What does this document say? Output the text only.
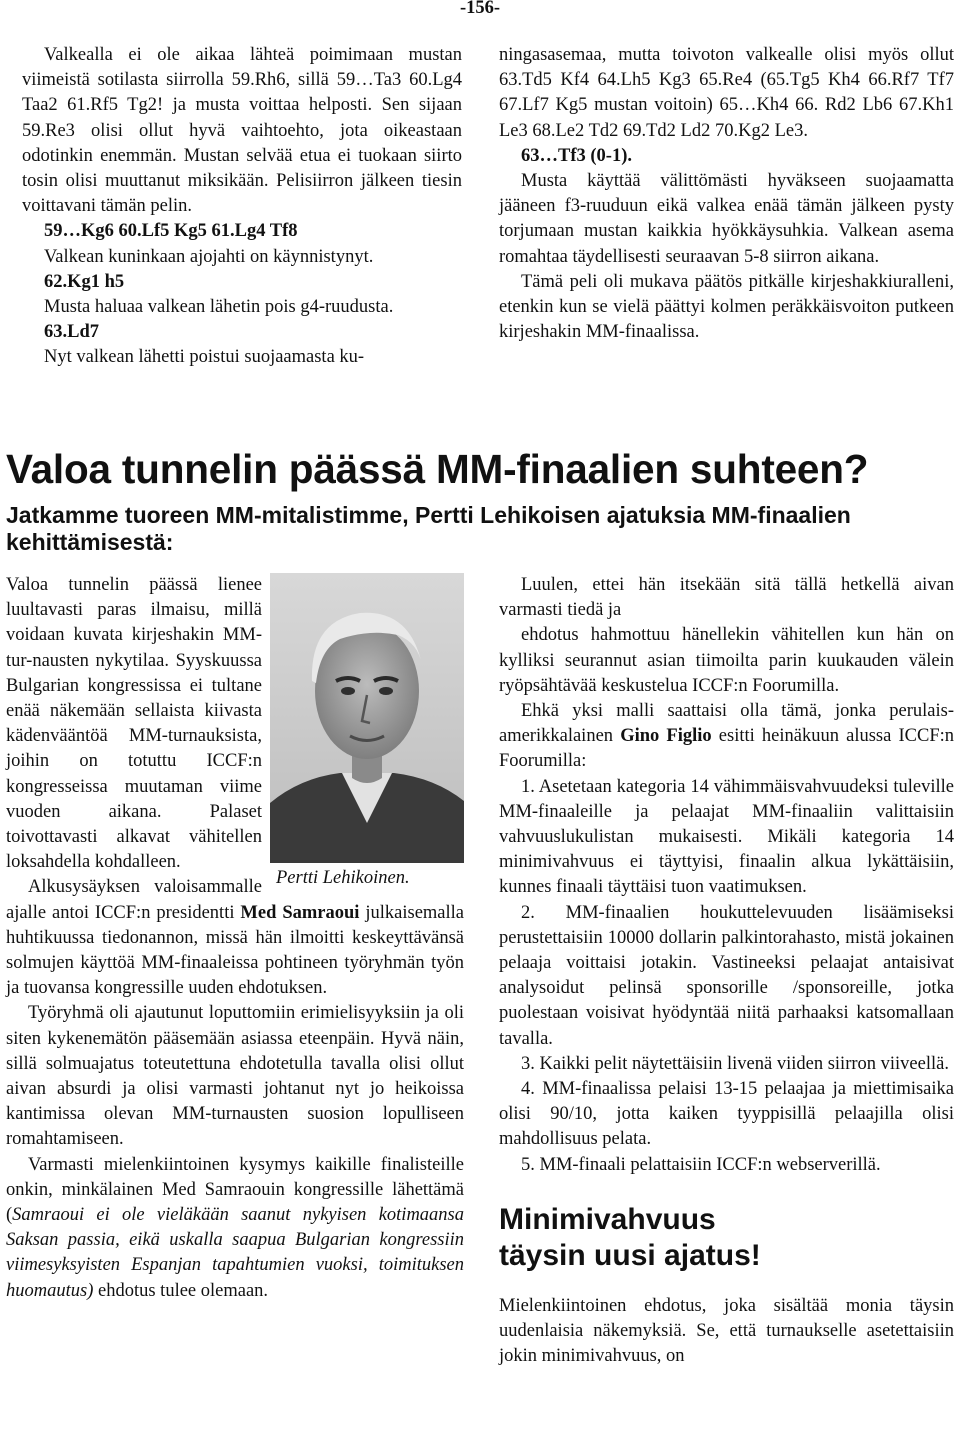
-156-

Valkealla ei ole aikaa lähteä poimimaan mustan viimeistä sotilasta siirrolla 59.Rh6, sillä 59…Ta3 60.Lg4 Taa2 61.Rf5 Tg2! ja musta voittaa helposti. Sen sijaan 59.Re3 olisi ollut hyvä vaihtoehto, jota oikeastaan odotinkin enemmän. Mustan selvää etua ei tuokaan siirto tosin olisi muuttanut miksikään. Pelisiirron jälkeen tiesin voittavani tämän pelin.

59…Kg6 60.Lf5 Kg5 61.Lg4 Tf8

Valkean kuninkaan ajojahti on käynnistynyt.

62.Kg1 h5

Musta haluaa valkean lähetin pois g4-ruudusta.

63.Ld7

Nyt valkean lähetti poistui suojaamasta ku-

ningasasemaa, mutta toivoton valkealle olisi myös ollut 63.Td5 Kf4 64.Lh5 Kg3 65.Re4 (65.Tg5 Kh4 66.Rf7 Tf7 67.Lf7 Kg5 mustan voitoin) 65…Kh4 66. Rd2 Lb6 67.Kh1 Le3 68.Le2 Td2 69.Td2 Ld2 70.Kg2 Le3.

63…Tf3 (0-1).

Musta käyttää välittömästi hyväkseen suojaamatta jääneen f3-ruuduun eikä valkea enää tämän jälkeen pysty torjumaan mustan kaikkia hyökkäysuhkia. Valkean asema romahtaa täydellisesti seuraavan 5-8 siirron aikana.

Tämä peli oli mukava päätös pitkälle kirjeshakkiuralleni, etenkin kun se vielä päättyi kolmen peräkkäisvoiton putkeen kirjeshakin MM-finaalissa.

Valoa tunnelin päässä MM-finaalien suhteen?
Jatkamme tuoreen MM-mitalistimme, Pertti Lehikoisen ajatuksia MM-finaalien kehittämisestä:
Pertti Lehikoinen.

Valoa tunnelin päässä lienee luultavasti paras ilmaisu, millä voidaan kuvata kirjeshakin MM-tur-nausten nykytilaa. Syyskuussa Bulgarian kongressissa ei tultane enää näkemään sellaista kiivasta kädenvääntöä MM-turnauksista, joihin on totuttu ICCF:n kongresseissa muutaman viime vuoden aikana. Palaset toivottavasti alkavat vähitellen loksahdella kohdalleen.

Alkusysäyksen valoisammalle ajalle antoi ICCF:n presidentti Med Samraoui julkaisemalla huhtikuussa tiedonannon, missä hän ilmoitti keskeyttävänsä solmujen käyttöä MM-finaaleissa pohtineen työryhmän työn ja tuovansa kongressille uuden ehdotuksen.

Työryhmä oli ajautunut loputtomiin erimielisyyksiin ja oli siten kykenemätön pääsemään asiassa eteenpäin. Hyvä näin, sillä solmuajatus toteutettuna ehdotetulla tavalla olisi ollut aivan absurdi ja olisi varmasti johtanut nyt jo heikoissa kantimissa olevan MM-turnausten suosion lopulliseen romahtamiseen.

Varmasti mielenkiintoinen kysymys kaikille finalisteille onkin, minkälainen Med Samraouin kongressille lähettämä (Samraoui ei ole vieläkään saanut nykyisen kotimaansa Saksan passia, eikä uskalla saapua Bulgarian kongressiin viimesyksyisten Espanjan tapahtumien vuoksi, toimituksen huomautus) ehdotus tulee olemaan.

Luulen, ettei hän itsekään sitä tällä hetkellä aivan varmasti tiedä ja

ehdotus hahmottuu hänellekin vähitellen kun hän on kylliksi seurannut asian tiimoilta parin kuukauden välein ryöpsähtävää keskustelua ICCF:n Foorumilla.

Ehkä yksi malli saattaisi olla tämä, jonka perulais-amerikkalainen Gino Figlio esitti heinäkuun alussa ICCF:n Foorumilla:

1. Asetetaan kategoria 14 vähimmäisvahvuudeksi tuleville MM-finaaleille ja pelaajat MM-finaaliin valittaisiin vahvuuslukulistan mukaisesti. Mikäli kategoria 14 minimivahvuus ei täyttyisi, finaalin alkua lykättäisiin, kunnes finaali täyttäisi tuon vaatimuksen.

2. MM-finaalien houkuttelevuuden lisäämiseksi perustettaisiin 10000 dollarin palkintorahasto, mistä jokainen pelaaja voittaisi jotakin. Vastineeksi pelaajat antaisivat analysoidut pelinsä sponsorille /sponsoreille, jotka puolestaan voisivat hyödyntää niitä parhaaksi katsomallaan tavalla.

3. Kaikki pelit näytettäisiin livenä viiden siirron viiveellä.

4. MM-finaalissa pelaisi 13-15 pelaajaa ja miettimisaika olisi 90/10, jotta kaiken tyyppisillä pelaajilla olisi mahdollisuus pelata.

5. MM-finaali pelattaisiin ICCF:n webserverillä.

Minimivahvuus
täysin uusi ajatus!

Mielenkiintoinen ehdotus, joka sisältää monia täysin uudenlaisia näkemyksiä. Se, että turnaukselle asetettaisiin jokin minimivahvuus, on
